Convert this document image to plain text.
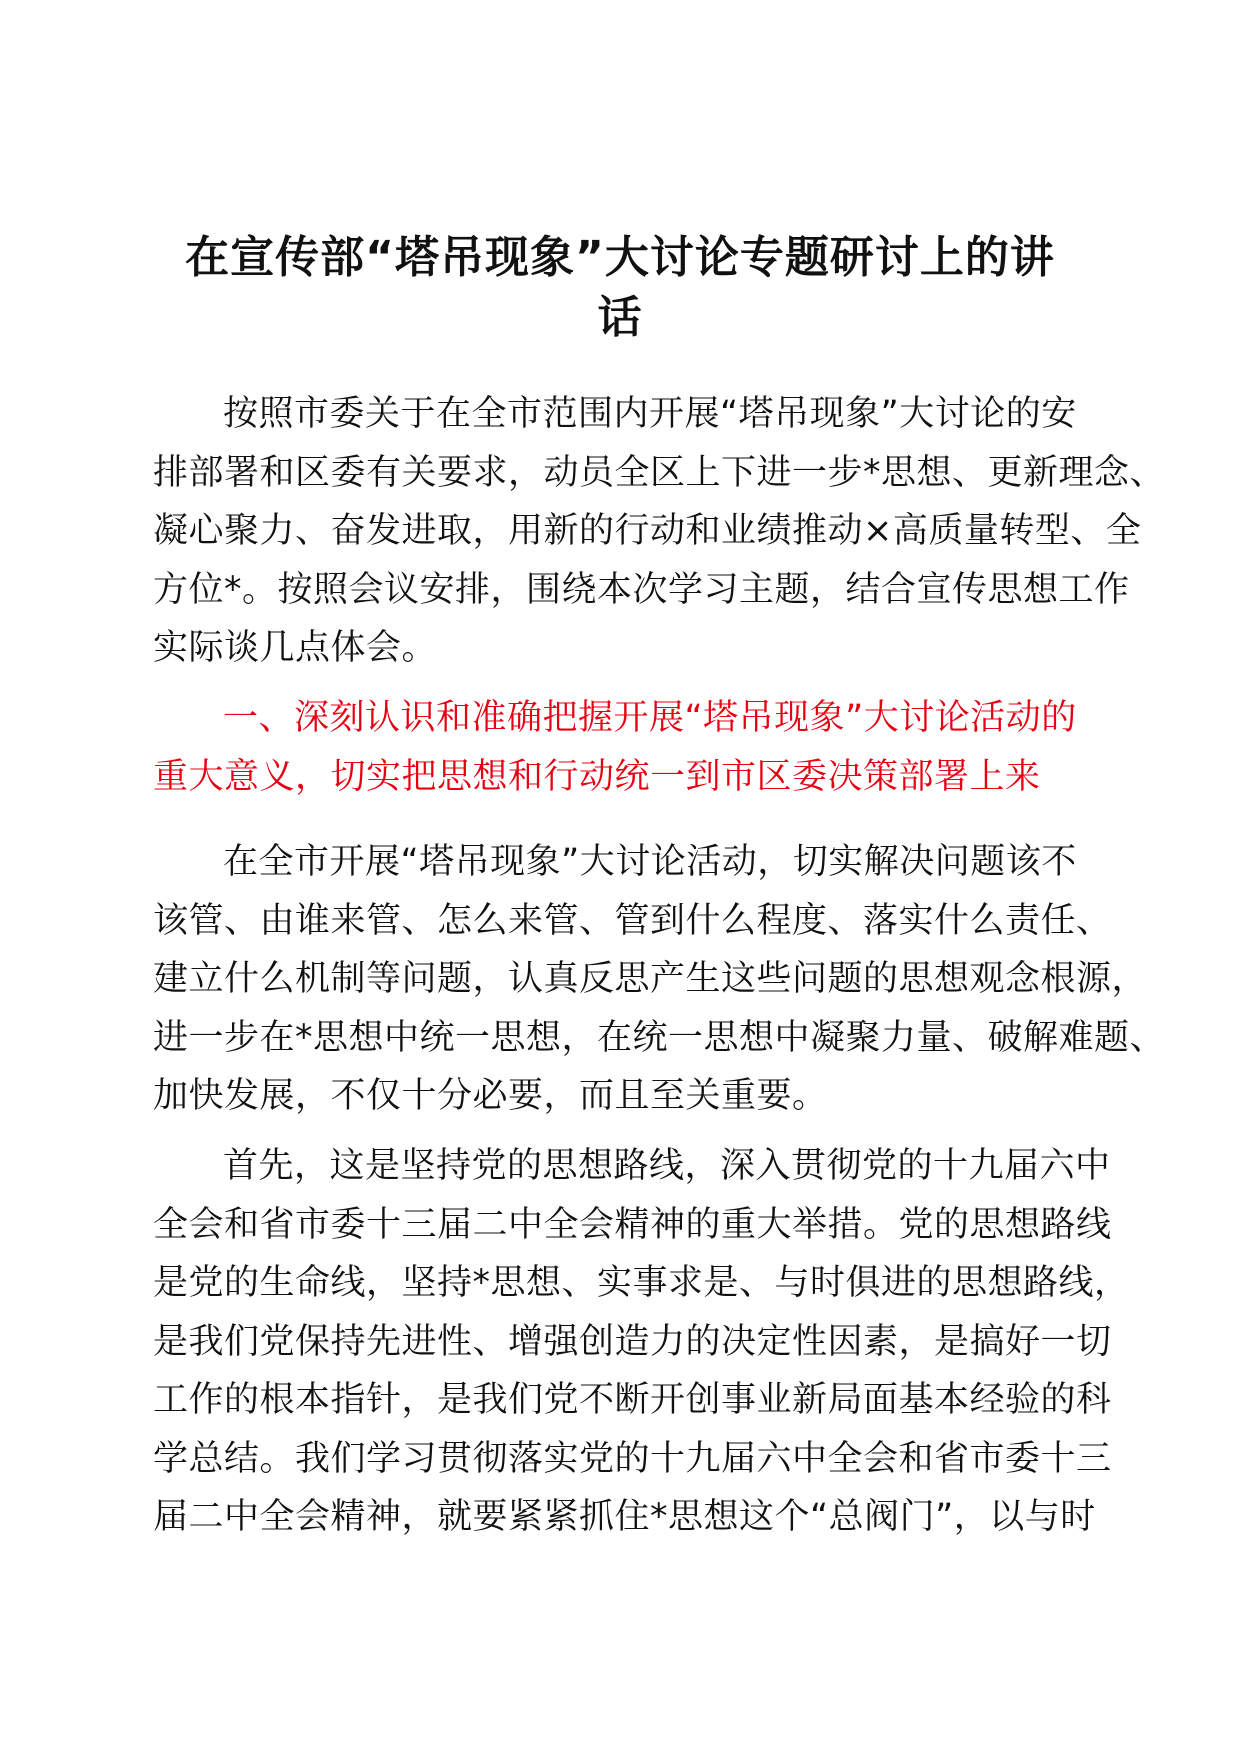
在宣传部“塔吊现象”大讨论专题研讨上的讲
话

按照市委关于在全市范围内开展“塔吊现象”大讨论的安
排部署和区委有关要求，动员全区上下进一步*思想、更新理念、
凝心聚力、奋发进取，用新的行动和业绩推动×高质量转型、全
方位*。按照会议安排，围绕本次学习主题，结合宣传思想工作
实际谈几点体会。

一、深刻认识和准确把握开展“塔吊现象”大讨论活动的
重大意义，切实把思想和行动统一到市区委决策部署上来

在全市开展“塔吊现象”大讨论活动，切实解决问题该不
该管、由谁来管、怎么来管、管到什么程度、落实什么责任、
建立什么机制等问题，认真反思产生这些问题的思想观念根源，
进一步在*思想中统一思想，在统一思想中凝聚力量、破解难题、
加快发展，不仅十分必要，而且至关重要。

首先，这是坚持党的思想路线，深入贯彻党的十九届六中
全会和省市委十三届二中全会精神的重大举措。党的思想路线
是党的生命线，坚持*思想、实事求是、与时俱进的思想路线，
是我们党保持先进性、增强创造力的决定性因素，是搞好一切
工作的根本指针，是我们党不断开创事业新局面基本经验的科
学总结。我们学习贯彻落实党的十九届六中全会和省市委十三
届二中全会精神，就要紧紧抓住*思想这个“总阀门”，以与时
